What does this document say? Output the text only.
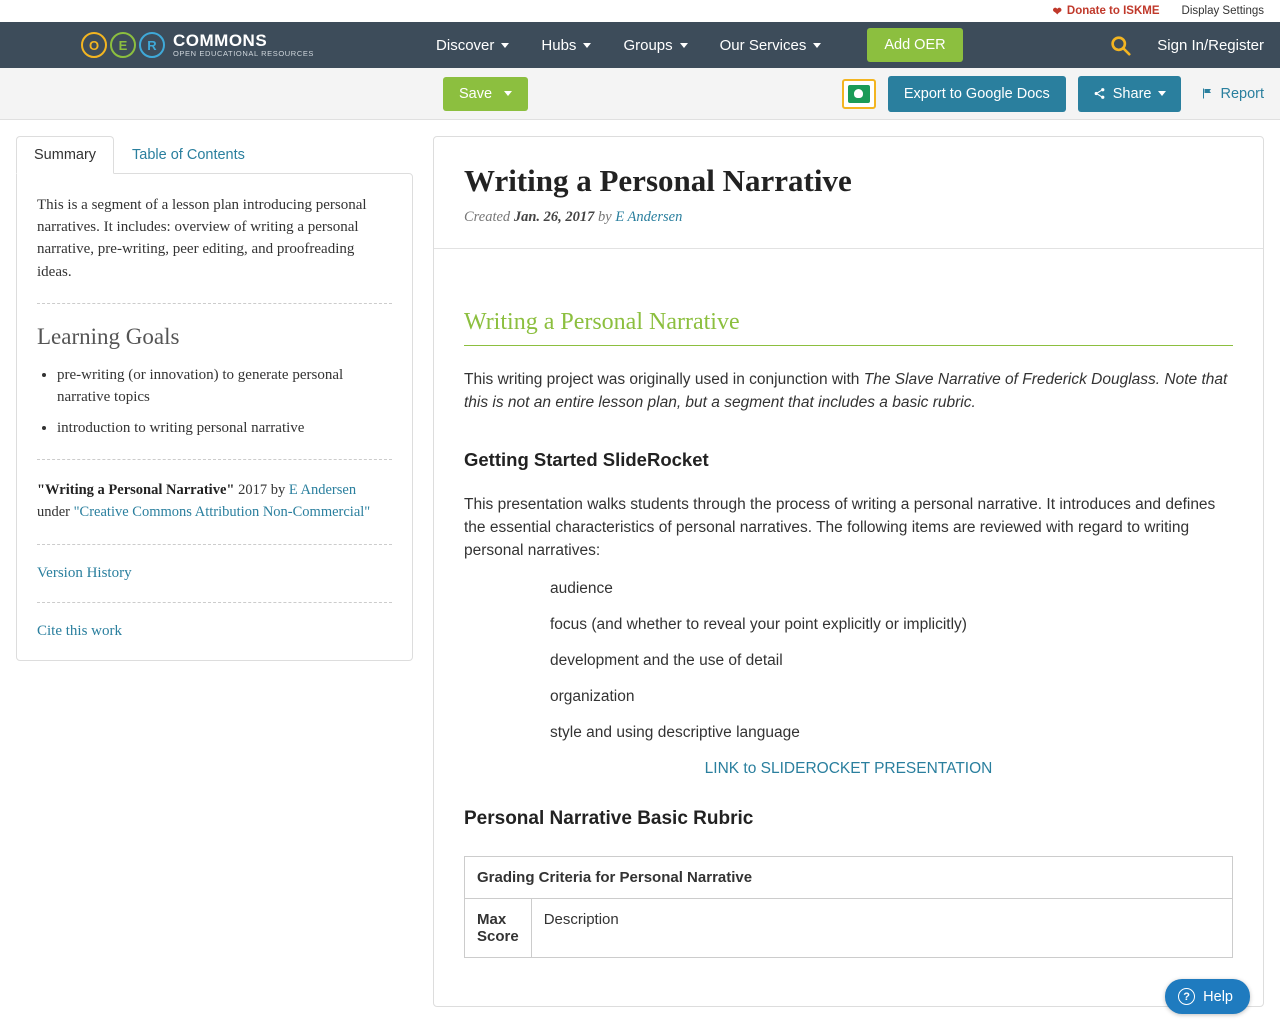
❤ Donate to ISKME Display Settings
O	E	R COMMONS
OPEN EDUCATIONAL RESOURCES	Discover	Hubs	Groups	Our Services	Add OER	Sign In/Register
Save	Export to Google Docs	Share	Report
Summary	Table of Contents

This is a segment of a lesson plan introducing personal narratives. It includes: overview of writing a personal narrative, pre-writing, peer editing, and proofreading ideas.

Learning Goals
• pre-writing (or innovation) to generate personal narrative topics
• introduction to writing personal narrative
"Writing a Personal Narrative" 2017 by E Andersen
under "Creative Commons Attribution Non-Commercial"
Version History
Cite this work
Writing a Personal Narrative
Created Jan. 26, 2017 by E Andersen
Writing a Personal Narrative

This writing project was originally used in conjunction with The Slave Narrative of Frederick Douglass. Note that this is not an entire lesson plan, but a segment that includes a basic rubric.

Getting Started SlideRocket

This presentation walks students through the process of writing a personal narrative. It introduces and defines the essential characteristics of personal narratives. The following items are reviewed with regard to writing personal narratives:

audience
focus (and whether to reveal your point explicitly or implicitly)
development and the use of detail
organization
style and using descriptive language
LINK to SLIDEROCKET PRESENTATION
Personal Narrative Basic Rubric
Grading Criteria for Personal Narrative
Max Score	Description
? Help
